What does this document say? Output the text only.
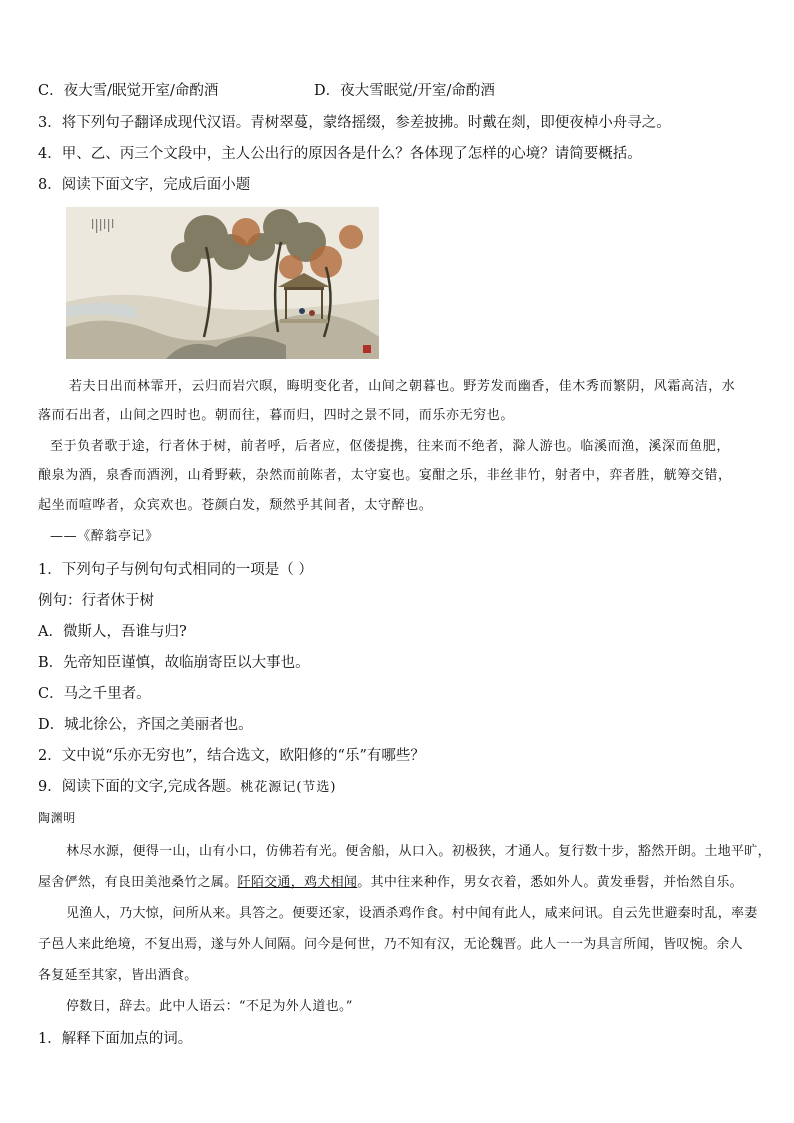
C．夜大雪/眠觉开室/命酌酒	D．夜大雪眠觉/开室/命酌酒
3．将下列句子翻译成现代汉语。青树翠蔓，蒙络摇缀，参差披拂。时戴在剡，即便夜棹小舟寻之。
4．甲、乙、丙三个文段中，主人公出行的原因各是什么？各体现了怎样的心境？请简要概括。
8．阅读下面文字，完成后面小题
若夫日出而林霏开，云归而岩穴暝，晦明变化者，山间之朝暮也。野芳发而幽香，佳木秀而繁阴，风霜高洁，水
落而石出者，山间之四时也。朝而往，暮而归，四时之景不同，而乐亦无穷也。
至于负者歌于途，行者休于树，前者呼，后者应，伛偻提携，往来而不绝者，滁人游也。临溪而渔，溪深而鱼肥，
酿泉为酒，泉香而酒洌，山肴野蔌，杂然而前陈者，太守宴也。宴酣之乐，非丝非竹，射者中，弈者胜，觥筹交错，
起坐而喧哗者，众宾欢也。苍颜白发，颓然乎其间者，太守醉也。
——《醉翁亭记》
1．下列句子与例句句式相同的一项是（ ）
例句：行者休于树
A．微斯人，吾谁与归?
B．先帝知臣谨慎，故临崩寄臣以大事也。
C．马之千里者。
D．城北徐公，齐国之美丽者也。
2．文中说“乐亦无穷也”，结合选文，欧阳修的“乐”有哪些？
9．阅读下面的文字,完成各题。桃花源记(节选)
陶渊明
林尽水源，便得一山，山有小口，仿佛若有光。便舍船，从口入。初极狭，才通人。复行数十步，豁然开朗。土地平旷，
屋舍俨然，有良田美池桑竹之属。阡陌交通，鸡犬相闻。其中往来种作，男女衣着，悉如外人。黄发垂髫，并怡然自乐。
见渔人，乃大惊，问所从来。具答之。便要还家，设酒杀鸡作食。村中闻有此人，咸来问讯。自云先世避秦时乱，率妻
子邑人来此绝境，不复出焉，遂与外人间隔。问今是何世，乃不知有汉，无论魏晋。此人一一为具言所闻，皆叹惋。余人
各复延至其家，皆出酒食。
停数日，辞去。此中人语云：“不足为外人道也。”
1．解释下面加点的词。
